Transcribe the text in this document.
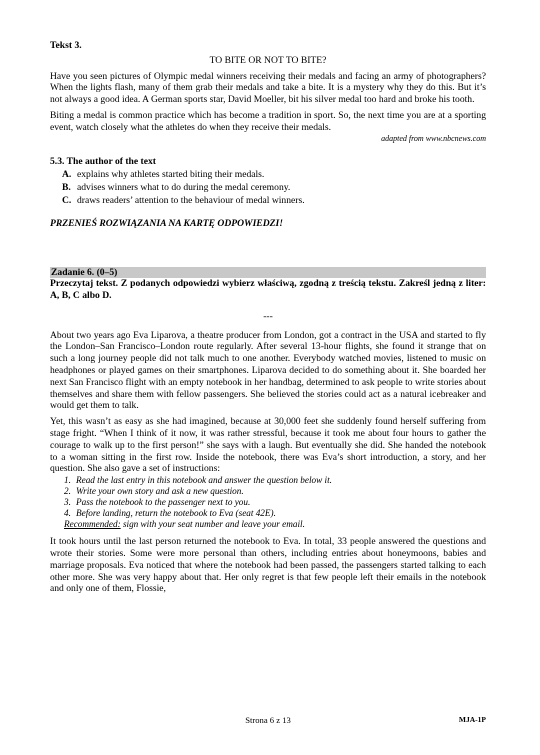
Tekst 3.

TO BITE OR NOT TO BITE?

Have you seen pictures of Olympic medal winners receiving their medals and facing an army of photographers? When the lights flash, many of them grab their medals and take a bite. It is a mystery why they do this. But it’s not always a good idea. A German sports star, David Moeller, bit his silver medal too hard and broke his tooth.

Biting a medal is common practice which has become a tradition in sport. So, the next time you are at a sporting event, watch closely what the athletes do when they receive their medals.

adapted from www.nbcnews.com

5.3. The author of the text

A. explains why athletes started biting their medals.
B. advises winners what to do during the medal ceremony.
C. draws readers’ attention to the behaviour of medal winners.

PRZENIEŚ ROZWIĄZANIA NA KARTĘ ODPOWIEDZI!

Zadanie 6. (0–5)

Przeczytaj tekst. Z podanych odpowiedzi wybierz właściwą, zgodną z treścią tekstu. Zakreśl jedną z liter: A, B, C albo D.

---

About two years ago Eva Liparova, a theatre producer from London, got a contract in the USA and started to fly the London–San Francisco–London route regularly. After several 13-hour flights, she found it strange that on such a long journey people did not talk much to one another. Everybody watched movies, listened to music on headphones or played games on their smartphones. Liparova decided to do something about it. She boarded her next San Francisco flight with an empty notebook in her handbag, determined to ask people to write stories about themselves and share them with fellow passengers. She believed the stories could act as a natural icebreaker and would get them to talk.

Yet, this wasn’t as easy as she had imagined, because at 30,000 feet she suddenly found herself suffering from stage fright. “When I think of it now, it was rather stressful, because it took me about four hours to gather the courage to walk up to the first person!” she says with a laugh. But eventually she did. She handed the notebook to a woman sitting in the first row. Inside the notebook, there was Eva’s short introduction, a story, and her question. She also gave a set of instructions:

1. Read the last entry in this notebook and answer the question below it.
2. Write your own story and ask a new question.
3. Pass the notebook to the passenger next to you.
4. Before landing, return the notebook to Eva (seat 42E).
Recommended: sign with your seat number and leave your email.

It took hours until the last person returned the notebook to Eva. In total, 33 people answered the questions and wrote their stories. Some were more personal than others, including entries about honeymoons, babies and marriage proposals. Eva noticed that where the notebook had been passed, the passengers started talking to each other more. She was very happy about that. Her only regret is that few people left their emails in the notebook and only one of them, Flossie,

Strona 6 z 13	MJA-1P
